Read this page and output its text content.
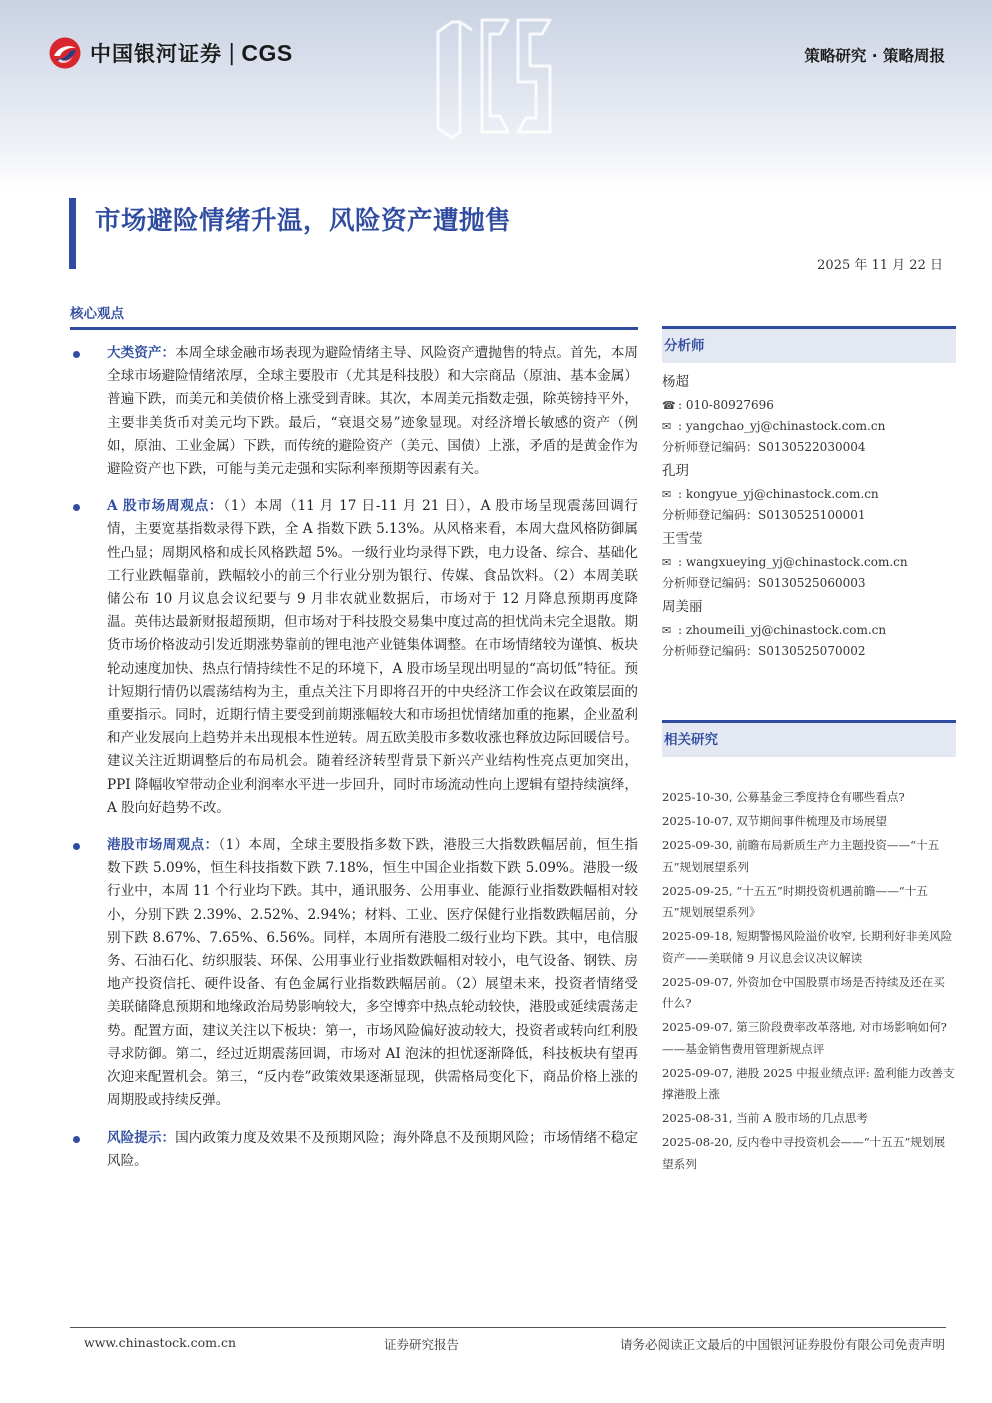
中国银河证券 | CGS	策略研究 · 策略周报
市场避险情绪升温，风险资产遭抛售
2025 年 11 月 22 日
核心观点
大类资产：本周全球金融市场表现为避险情绪主导、风险资产遭抛售的特点。首先，本周全球市场避险情绪浓厚，全球主要股市（尤其是科技股）和大宗商品（原油、基本金属）普遍下跌，而美元和美债价格上涨受到青睐。其次，本周美元指数走强，除英镑持平外，主要非美货币对美元均下跌。最后，“衰退交易”迹象显现。对经济增长敏感的资产（例如，原油、工业金属）下跌，而传统的避险资产（美元、国债）上涨，矛盾的是黄金作为避险资产也下跌，可能与美元走强和实际利率预期等因素有关。
A 股市场周观点：（1）本周（11 月 17 日-11 月 21 日），A 股市场呈现震荡回调行情，主要宽基指数录得下跌，全 A 指数下跌 5.13%。从风格来看，本周大盘风格防御属性凸显；周期风格和成长风格跌超 5%。一级行业均录得下跌，电力设备、综合、基础化工行业跌幅靠前，跌幅较小的前三个行业分别为银行、传媒、食品饮料。（2）本周美联储公布 10 月议息会议纪要与 9 月非农就业数据后，市场对于 12 月降息预期再度降温。英伟达最新财报超预期，但市场对于科技股交易集中度过高的担忧尚未完全退散。期货市场价格波动引发近期涨势靠前的锂电池产业链集体调整。在市场情绪较为谨慎、板块轮动速度加快、热点行情持续性不足的环境下，A 股市场呈现出明显的“高切低”特征。预计短期行情仍以震荡结构为主，重点关注下月即将召开的中央经济工作会议在政策层面的重要指示。同时，近期行情主要受到前期涨幅较大和市场担忧情绪加重的拖累，企业盈利和产业发展向上趋势并未出现根本性逆转。周五欧美股市多数收涨也释放边际回暖信号。建议关注近期调整后的布局机会。随着经济转型背景下新兴产业结构性亮点更加突出，PPI 降幅收窄带动企业利润率水平进一步回升，同时市场流动性向上逻辑有望持续演绎，A 股向好趋势不改。
港股市场周观点：（1）本周，全球主要股指多数下跌，港股三大指数跌幅居前，恒生指数下跌 5.09%，恒生科技指数下跌 7.18%，恒生中国企业指数下跌 5.09%。港股一级行业中，本周 11 个行业均下跌。其中，通讯服务、公用事业、能源行业指数跌幅相对较小，分别下跌 2.39%、2.52%、2.94%；材料、工业、医疗保健行业指数跌幅居前，分别下跌 8.67%、7.65%、6.56%。同样，本周所有港股二级行业均下跌。其中，电信服务、石油石化、纺织服装、环保、公用事业行业指数跌幅相对较小，电气设备、钢铁、房地产投资信托、硬件设备、有色金属行业指数跌幅居前。（2）展望未来，投资者情绪受美联储降息预期和地缘政治局势影响较大，多空博弈中热点轮动较快，港股或延续震荡走势。配置方面，建议关注以下板块：第一，市场风险偏好波动较大，投资者或转向红利股寻求防御。第二，经过近期震荡回调，市场对 AI 泡沫的担忧逐渐降低，科技板块有望再次迎来配置机会。第三，“反内卷”政策效果逐渐显现，供需格局变化下，商品价格上涨的周期股或持续反弹。
风险提示：国内政策力度及效果不及预期风险；海外降息不及预期风险；市场情绪不稳定风险。
分析师
杨超
☎ : 010-80927696
✉ : yangchao_yj@chinastock.com.cn
分析师登记编码：S0130522030004
孔玥
✉ : kongyue_yj@chinastock.com.cn
分析师登记编码：S0130525100001
王雪莹
✉ : wangxueying_yj@chinastock.com.cn
分析师登记编码：S0130525060003
周美丽
✉ : zhoumeili_yj@chinastock.com.cn
分析师登记编码：S0130525070002
相关研究
2025-10-30, 公募基金三季度持仓有哪些看点?
2025-10-07, 双节期间事件梳理及市场展望
2025-09-30, 前瞻布局新质生产力主题投资——“十五五”规划展望系列
2025-09-25, “十五五”时期投资机遇前瞻——“十五五”规划展望系列》
2025-09-18, 短期警惕风险溢价收窄, 长期利好非美风险资产——美联储 9 月议息会议决议解读
2025-09-07, 外资加仓中国股票市场是否持续及还在买什么?
2025-09-07, 第三阶段费率改革落地, 对市场影响如何? ——基金销售费用管理新规点评
2025-09-07, 港股 2025 中报业绩点评: 盈利能力改善支撑港股上涨
2025-08-31, 当前 A 股市场的几点思考
2025-08-20, 反内卷中寻投资机会——“十五五”规划展望系列
www.chinastock.com.cn	证券研究报告	请务必阅读正文最后的中国银河证券股份有限公司免责声明
